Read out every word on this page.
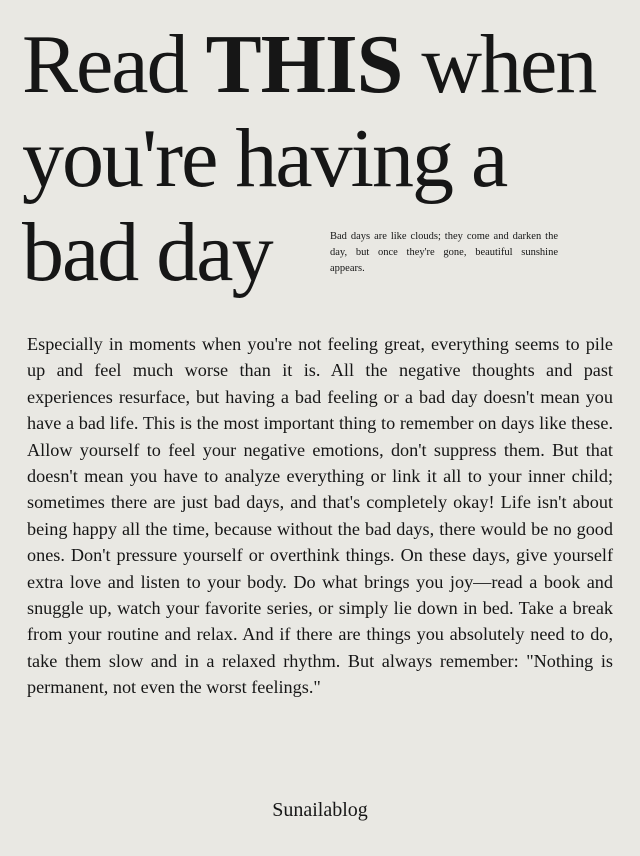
Read THIS when
you're having a
bad day	Bad days are like clouds; they come and darken the day, but once they're gone, beautiful sunshine appears.

Especially in moments when you're not feeling great, everything seems to pile up and feel much worse than it is. All the negative thoughts and past experiences resurface, but having a bad feeling or a bad day doesn't mean you have a bad life. This is the most important thing to remember on days like these. Allow yourself to feel your negative emotions, don't suppress them. But that doesn't mean you have to analyze everything or link it all to your inner child; sometimes there are just bad days, and that's completely okay! Life isn't about being happy all the time, because without the bad days, there would be no good ones. Don't pressure yourself or overthink things. On these days, give yourself extra love and listen to your body. Do what brings you joy—read a book and snuggle up, watch your favorite series, or simply lie down in bed. Take a break from your routine and relax. And if there are things you absolutely need to do, take them slow and in a relaxed rhythm. But always remember: "Nothing is permanent, not even the worst feelings."

Sunailablog
